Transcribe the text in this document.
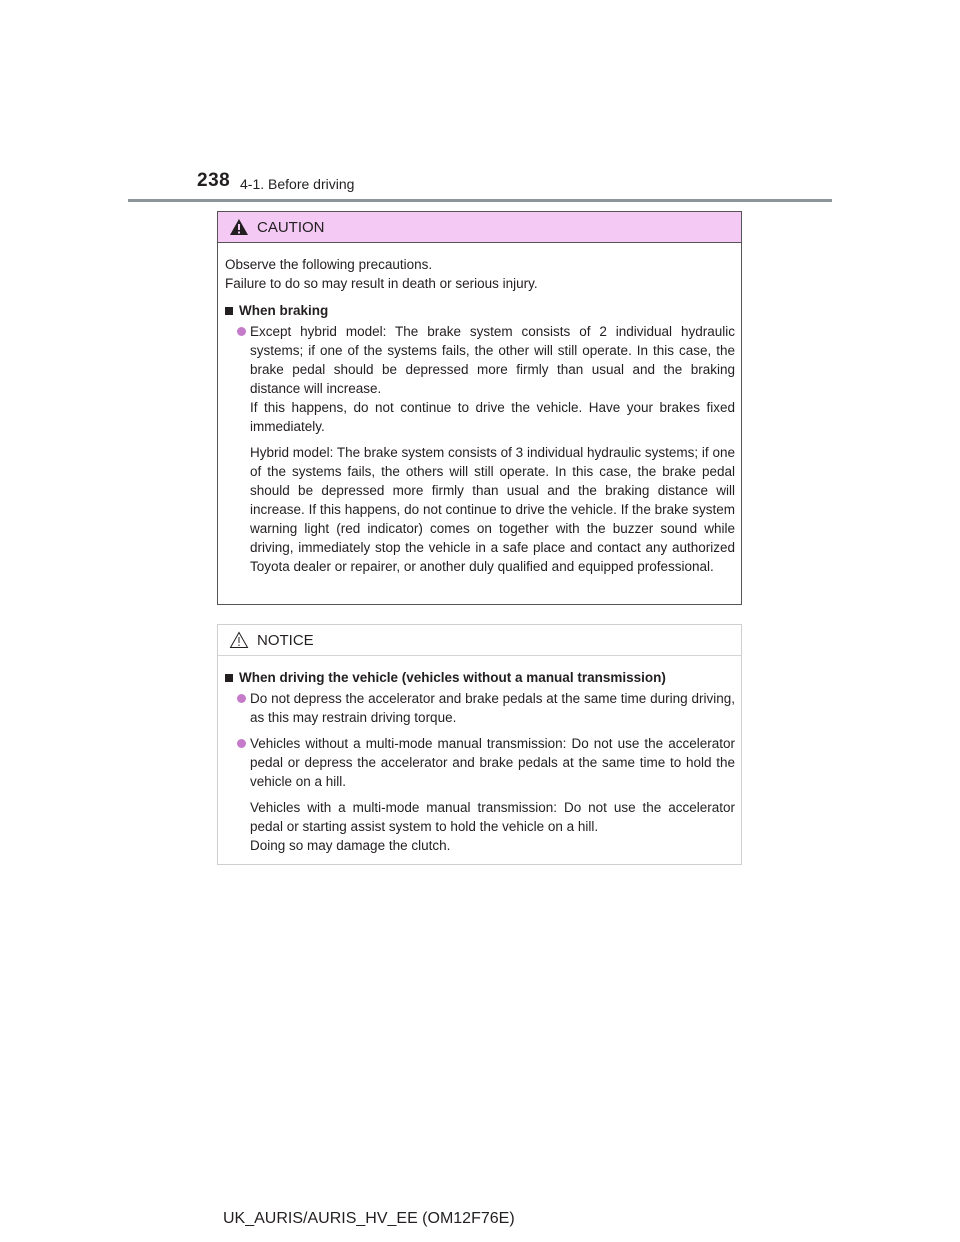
238 4-1. Before driving
CAUTION

Observe the following precautions.
Failure to do so may result in death or serious injury.

When braking

Except hybrid model: The brake system consists of 2 individual hydraulic systems; if one of the systems fails, the other will still operate. In this case, the brake pedal should be depressed more firmly than usual and the braking distance will increase.

If this happens, do not continue to drive the vehicle. Have your brakes fixed immediately.

Hybrid model: The brake system consists of 3 individual hydraulic systems; if one of the systems fails, the others will still operate. In this case, the brake pedal should be depressed more firmly than usual and the braking distance will increase. If this happens, do not continue to drive the vehicle. If the brake system warning light (red indicator) comes on together with the buzzer sound while driving, immediately stop the vehicle in a safe place and contact any authorized Toyota dealer or repairer, or another duly qualified and equipped professional.

NOTICE

When driving the vehicle (vehicles without a manual transmission)

Do not depress the accelerator and brake pedals at the same time during driving, as this may restrain driving torque.

Vehicles without a multi-mode manual transmission: Do not use the accelerator pedal or depress the accelerator and brake pedals at the same time to hold the vehicle on a hill.

Vehicles with a multi-mode manual transmission: Do not use the accelerator pedal or starting assist system to hold the vehicle on a hill.

Doing so may damage the clutch.

UK_AURIS/AURIS_HV_EE (OM12F76E)
